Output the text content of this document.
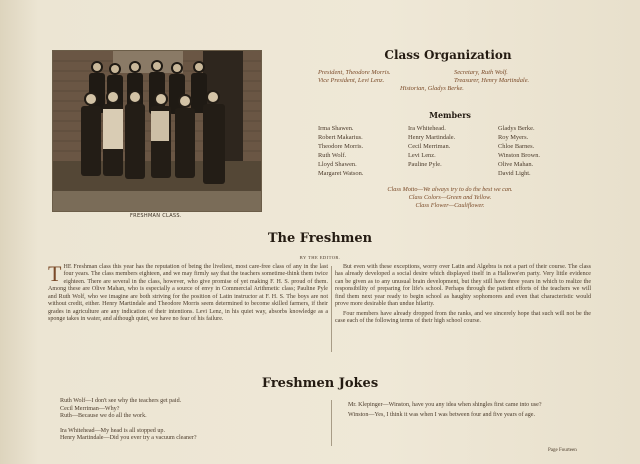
FRESHMAN CLASS.
Class Organization
President, Theodore Morris.	Secretary, Ruth Wolf.
Vice President, Levi Lenz.	Treasurer, Henry Martindale.
Historian, Gladys Berke.
Members
Irma Shawen.
Robert Makarius.
Theodore Morris.
Ruth Wolf.
Lloyd Shawen.
Margaret Watson.
Ira Whitehead.
Henry Martindale.
Cecil Merriman.
Levi Lenz.
Pauline Pyle.
Gladys Berke.
Roy Myers.
Chloe Barnes.
Winston Brown.
Olive Mahan.
David Light.
Class Motto—We always try to do the best we can.
Class Colors—Green and Yellow.
Class Flower—Cauliflower.
The Freshmen
BY THE EDITOR.

THE Freshman class this year has the reputation of being the liveliest, most care-free class of any in the last four years. The class members eighteen, and we may firmly say that the teachers sometime-think them twice eighteen. There are several in the class, however, who give promise of yet making F. H. S. proud of them. Among these are Olive Mahan, who is especially a source of envy in Commercial Arithmetic class; Pauline Pyle and Ruth Wolf, who we imagine are both striving for the position of Latin instructor at F. H. S. The boys are not without credit, either. Henry Martindale and Theodore Morris seem determined to become skilled farmers, if their grades in agriculture are any indication of their intentions. Levi Lenz, in his quiet way, absorbs knowledge as a sponge takes in water, and although quiet, we have no fear of his failure.

But even with these exceptions, worry over Latin and Algebra is not a part of their course. The class has already developed a social desire which displayed itself in a Hallowe'en party. Very little evidence can be given as to any unusual brain development, but they still have three years in which to realize the responsibility of preparing for life's school. Perhaps through the patient efforts of the teachers we will find them next year ready to begin school as haughty sophomores and even that characteristic would prove more desirable than undue hilarity.

Four members have already dropped from the ranks, and we sincerely hope that such will not be the case each of the following terms of their high school course.

Freshmen Jokes
Ruth Wolf—I don't see why the teachers get paid.
Cecil Merriman—Why?
Ruth—Because we do all the work.
Ira Whitehead—My head is all stopped up.
Henry Martindale—Did you ever try a vacuum cleaner?

Mr. Klepinger—Winston, have you any idea when shingles first came into use?

Winston—Yes, I think it was when I was between four and five years of age.

Page Fourteen
